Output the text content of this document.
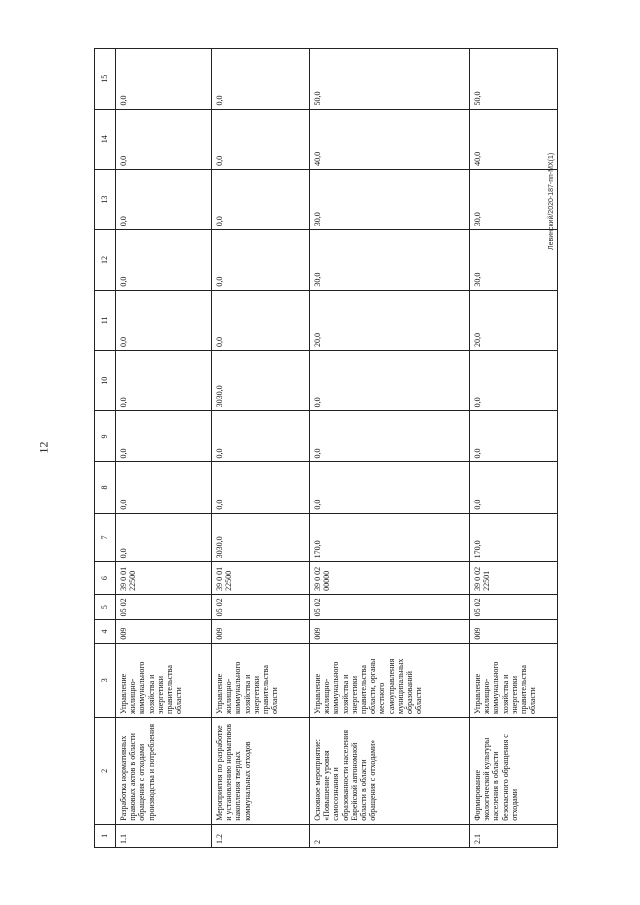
12
Левинский/2020-187-пп-МХ(1)
1	2	3	4	5	6	7	8	9	10	11	12	13	14	15
1.1	Разработка нормативных правовых актов в области обращения с отходами производства и потребления	Управление жилищно-коммунального хозяйства и энергетики правительства области	009	05 02	39 0 01 22500	0,0	0,0	0,0	0,0	0,0	0,0	0,0	0,0	0,0
1.2	Мероприятия по разработке и установлению нормативов накопления твердых коммунальных отходов	Управление жилищно-коммунального хозяйства и энергетики правительства области	009	05 02	39 0 01 22500	3030,0	0,0	0,0	3030,0	0,0	0,0	0,0	0,0	0,0
2	Основное мероприятие: «Повышение уровня самосознания и образованности населения Еврейской автономной области в области обращения с отходами»	Управление жилищно-коммунального хозяйства и энергетики правительства области, органы местного самоуправления муниципальных образований области	009	05 02	39 0 02 00000	170,0	0,0	0,0	0,0	20,0	30,0	30,0	40,0	50,0
2.1	Формирование экологической культуры населения в области безопасного обращения с отходами	Управление жилищно-коммунального хозяйства и энергетики правительства области	009	05 02	39 0 02 22501	170,0	0,0	0,0	0,0	20,0	30,0	30,0	40,0	50,0
